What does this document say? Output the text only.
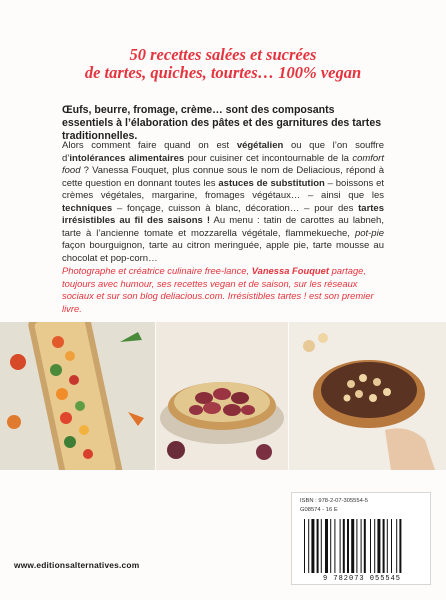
50 recettes salées et sucrées
de tartes, quiches, tourtes… 100% vegan

Œufs, beurre, fromage, crème… sont des composants essentiels à l’élaboration des pâtes et des garnitures des tartes traditionnelles.

Alors comment faire quand on est végétalien ou que l’on souffre d’intolérances alimentaires pour cuisiner cet incontournable de la comfort food ? Vanessa Fouquet, plus connue sous le nom de Deliacious, répond à cette question en donnant toutes les astuces de substitution – boissons et crèmes végétales, margarine, fromages végétaux… – ainsi que les techniques – fonçage, cuisson à blanc, décoration… – pour des tartes irrésistibles au fil des saisons ! Au menu : tatin de carottes au labneh, tarte à l’ancienne tomate et mozzarella végétale, flammekueche, pot-pie façon bourguignon, tarte au citron meringuée, apple pie, tarte mousse au chocolat et pop-corn…

Photographe et créatrice culinaire free-lance, Vanessa Fouquet partage, toujours avec humour, ses recettes vegan et de saison, sur les réseaux sociaux et sur son blog deliacious.com. Irrésistibles tartes ! est son premier livre.

ISBN : 978-2-07-305554-5
G08574 - 16 E
9 782073 055545
www.editionsalternatives.com
